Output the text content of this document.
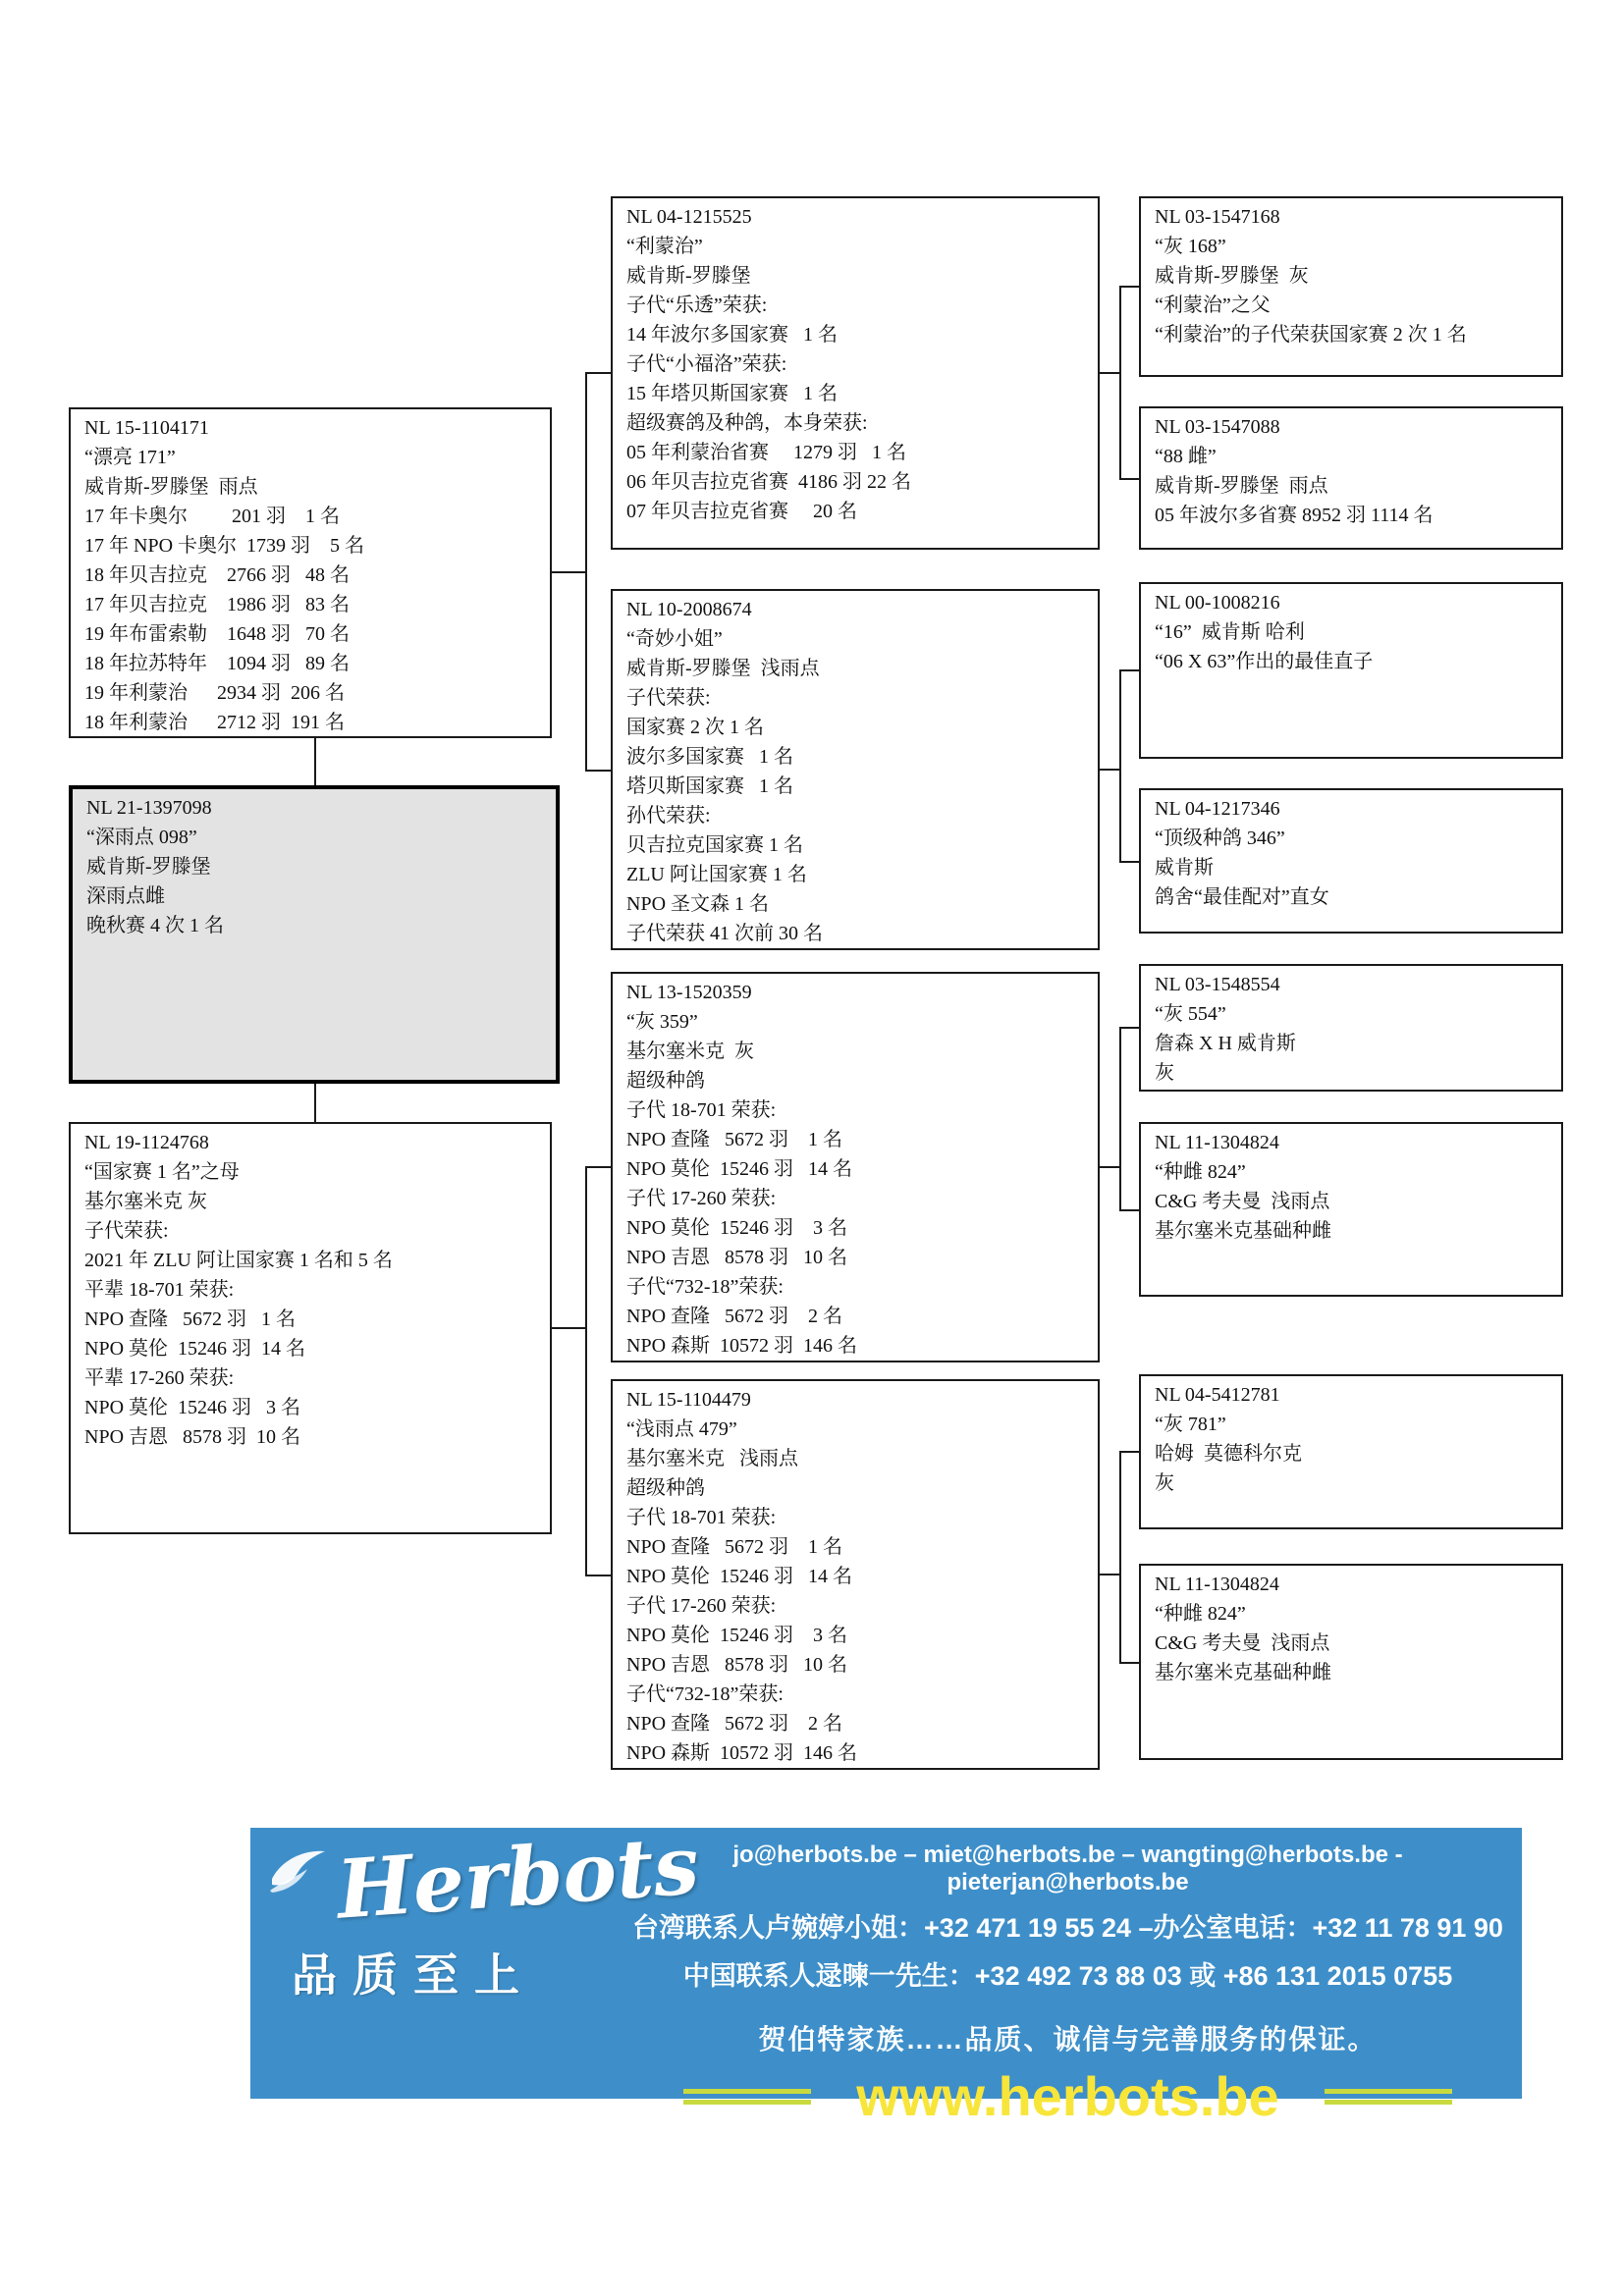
NL 15-1104171
“漂亮 171”
威肯斯-罗滕堡  雨点
17 年卡奥尔         201 羽    1 名
17 年 NPO 卡奥尔  1739 羽    5 名
18 年贝吉拉克    2766 羽   48 名
17 年贝吉拉克    1986 羽   83 名
19 年布雷索勒    1648 羽   70 名
18 年拉苏特年    1094 羽   89 名
19 年利蒙治      2934 羽  206 名
18 年利蒙治      2712 羽  191 名
NL 21-1397098
“深雨点 098”
威肯斯-罗滕堡
深雨点雌
晚秋赛 4 次 1 名
NL 19-1124768
“国家赛 1 名”之母
基尔塞米克 灰
子代荣获:
2021 年 ZLU 阿让国家赛 1 名和 5 名
平辈 18-701 荣获:
NPO 查隆   5672 羽   1 名
NPO 莫伦  15246 羽  14 名
平辈 17-260 荣获:
NPO 莫伦  15246 羽   3 名
NPO 吉恩   8578 羽  10 名
NL 04-1215525
“利蒙治”
威肯斯-罗滕堡
子代“乐透”荣获:
14 年波尔多国家赛   1 名
子代“小福洛”荣获:
15 年塔贝斯国家赛   1 名
超级赛鸽及种鸽，本身荣获:
05 年利蒙治省赛     1279 羽   1 名
06 年贝吉拉克省赛  4186 羽 22 名
07 年贝吉拉克省赛     20 名
NL 10-2008674
“奇妙小姐”
威肯斯-罗滕堡  浅雨点
子代荣获:
国家赛 2 次 1 名
波尔多国家赛   1 名
塔贝斯国家赛   1 名
孙代荣获:
贝吉拉克国家赛 1 名
ZLU 阿让国家赛 1 名
NPO 圣文森 1 名
子代荣获 41 次前 30 名
NL 13-1520359
“灰 359”
基尔塞米克  灰
超级种鸽
子代 18-701 荣获:
NPO 查隆   5672 羽    1 名
NPO 莫伦  15246 羽   14 名
子代 17-260 荣获:
NPO 莫伦  15246 羽    3 名
NPO 吉恩   8578 羽   10 名
子代“732-18”荣获:
NPO 查隆   5672 羽    2 名
NPO 森斯  10572 羽  146 名
NL 15-1104479
“浅雨点 479”
基尔塞米克   浅雨点
超级种鸽
子代 18-701 荣获:
NPO 查隆   5672 羽    1 名
NPO 莫伦  15246 羽   14 名
子代 17-260 荣获:
NPO 莫伦  15246 羽    3 名
NPO 吉恩   8578 羽   10 名
子代“732-18”荣获:
NPO 查隆   5672 羽    2 名
NPO 森斯  10572 羽  146 名
NL 03-1547168
“灰 168”
威肯斯-罗滕堡  灰
“利蒙治”之父
“利蒙治”的子代荣获国家赛 2 次 1 名
NL 03-1547088
“88 雌”
威肯斯-罗滕堡  雨点
05 年波尔多省赛 8952 羽 1114 名
NL 00-1008216
“16”  威肯斯 哈利
“06 X 63”作出的最佳直子
NL 04-1217346
“顶级种鸽 346”
威肯斯
鸽舍“最佳配对”直女
NL 03-1548554
“灰 554”
詹森 X H 威肯斯
灰
NL 11-1304824
“种雌 824”
C&G 考夫曼  浅雨点
基尔塞米克基础种雌
NL 04-5412781
“灰 781”
哈姆  莫德科尔克
灰
NL 11-1304824
“种雌 824”
C&G 考夫曼  浅雨点
基尔塞米克基础种雌
Herbots
品质至上
jo@herbots.be – miet@herbots.be – wangting@herbots.be - pieterjan@herbots.be
台湾联系人卢婉婷小姐：+32 471 19 55 24 –办公室电话：+32 11 78 91 90
中国联系人逯暕一先生：+32 492 73 88 03 或 +86 131 2015 0755
贺伯特家族……品质、诚信与完善服务的保证。
www.herbots.be
